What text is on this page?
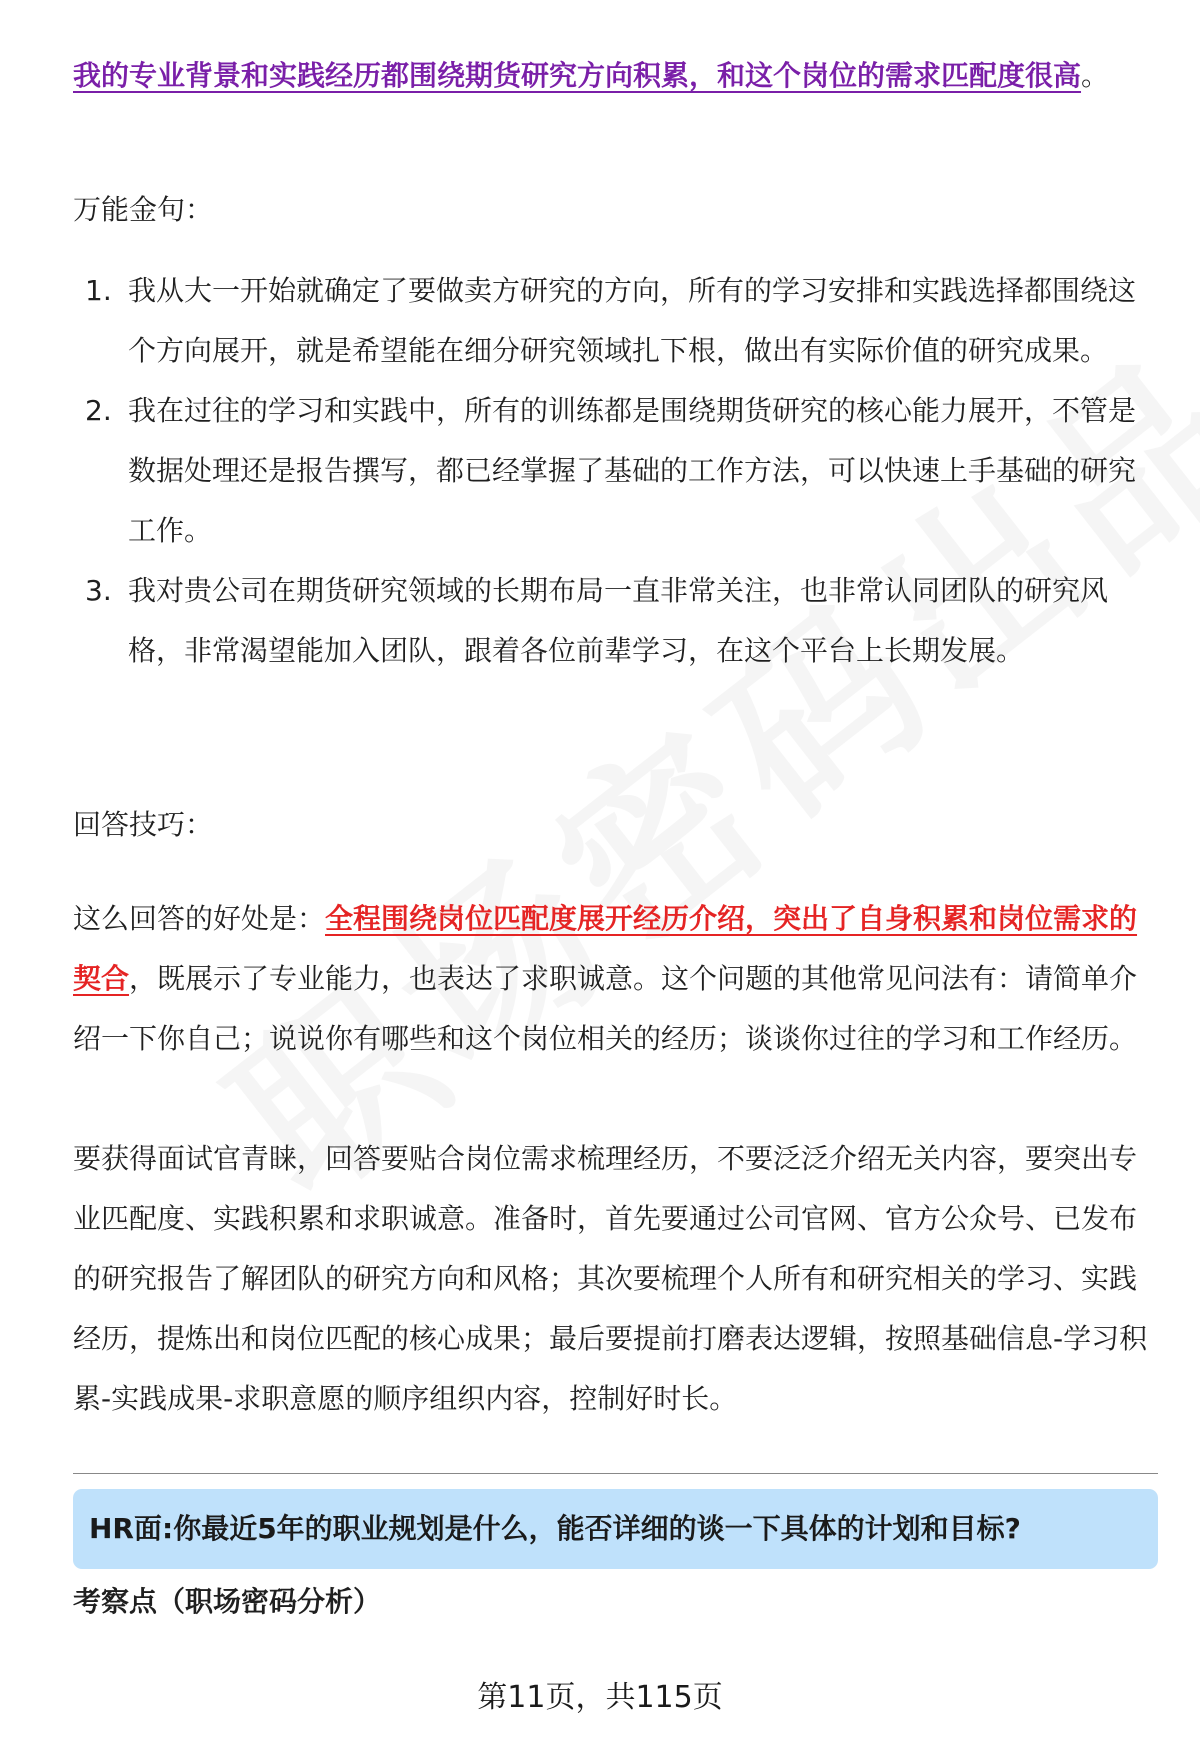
我的专业背景和实践经历都围绕期货研究方向积累，和这个岗位的需求匹配度很高。

万能金句：

1. 我从大一开始就确定了要做卖方研究的方向，所有的学习安排和实践选择都围绕这个方向展开，就是希望能在细分研究领域扎下根，做出有实际价值的研究成果。
2. 我在过往的学习和实践中，所有的训练都是围绕期货研究的核心能力展开，不管是数据处理还是报告撰写，都已经掌握了基础的工作方法，可以快速上手基础的研究工作。
3. 我对贵公司在期货研究领域的长期布局一直非常关注，也非常认同团队的研究风格，非常渴望能加入团队，跟着各位前辈学习，在这个平台上长期发展。

回答技巧：

这么回答的好处是：全程围绕岗位匹配度展开经历介绍，突出了自身积累和岗位需求的契合，既展示了专业能力，也表达了求职诚意。这个问题的其他常见问法有：请简单介绍一下你自己；说说你有哪些和这个岗位相关的经历；谈谈你过往的学习和工作经历。

要获得面试官青睐，回答要贴合岗位需求梳理经历，不要泛泛介绍无关内容，要突出专业匹配度、实践积累和求职诚意。准备时，首先要通过公司官网、官方公众号、已发布的研究报告了解团队的研究方向和风格；其次要梳理个人所有和研究相关的学习、实践经历，提炼出和岗位匹配的核心成果；最后要提前打磨表达逻辑，按照基础信息-学习积累-实践成果-求职意愿的顺序组织内容，控制好时长。

HR面:你最近5年的职业规划是什么，能否详细的谈一下具体的计划和目标?

考察点（职场密码分析）

第11页，共115页
